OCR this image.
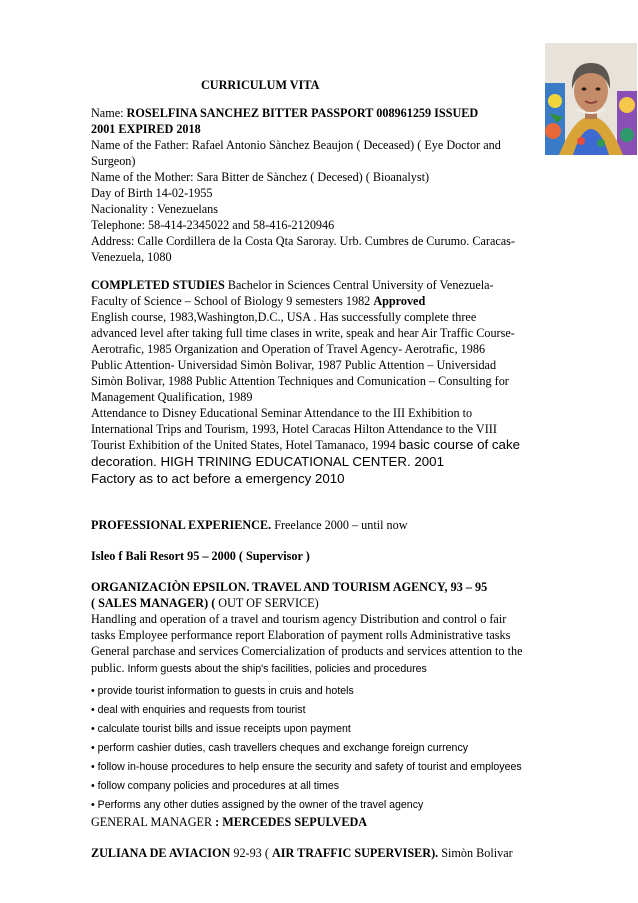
CURRICULUM VITA
Name: ROSELFINA SANCHEZ BITTER PASSPORT 008961259 ISSUED
2001 EXPIRED 2018
Name of the Father: Rafael Antonio Sànchez Beaujon ( Deceased) ( Eye Doctor and
Surgeon)
Name of the Mother: Sara Bitter de Sànchez ( Decesed) ( Bioanalyst)
Day of Birth 14-02-1955
Nacionality : Venezuelans
Telephone: 58-414-2345022 and 58-416-2120946
Address: Calle Cordillera de la Costa Qta Saroray. Urb. Cumbres de Curumo. Caracas-
Venezuela, 1080
COMPLETED STUDIES Bachelor in Sciences Central University of Venezuela-
Faculty of Science – School of Biology 9 semesters 1982 Approved
English course, 1983,Washington,D.C., USA . Has successfully complete three
advanced level after taking full time clases in write, speak and hear Air Traffic Course-
Aerotrafic, 1985 Organization and Operation of Travel Agency- Aerotrafic, 1986
Public Attention- Universidad Simòn Bolivar, 1987 Public Attention – Universidad
Simòn Bolivar, 1988 Public Attention Techniques and Comunication – Consulting for
Management Qualification, 1989
Attendance to Disney Educational Seminar Attendance to the III Exhibition to
International Trips and Tourism, 1993, Hotel Caracas Hilton Attendance to the VIII
Tourist Exhibition of the United States, Hotel Tamanaco, 1994 basic course of cake
decoration. HIGH TRINING EDUCATIONAL CENTER. 2001
Factory as to act before a emergency 2010
PROFESSIONAL EXPERIENCE. Freelance 2000 – until now
Isleo f Bali Resort 95 – 2000 ( Supervisor )
ORGANIZACIÒN EPSILON. TRAVEL AND TOURISM AGENCY, 93 – 95
( SALES MANAGER) ( OUT OF SERVICE)
Handling and operation of a travel and tourism agency Distribution and control o fair
tasks Employee performance report Elaboration of payment rolls Administrative tasks
General parchase and services Comercialization of products and services attention to the
public. Inform guests about the ship's facilities, policies and procedures
• provide tourist information to guests in cruis and hotels
• deal with enquiries and requests from tourist
• calculate tourist bills and issue receipts upon payment
• perform cashier duties, cash travellers cheques and exchange foreign currency
• follow in-house procedures to help ensure the security and safety of tourist and employees
• follow company policies and procedures at all times
• Performs any other duties assigned by the owner of the travel agency
GENERAL MANAGER : MERCEDES SEPULVEDA
ZULIANA DE AVIACION 92-93 ( AIR TRAFFIC SUPERVISER). Simòn Bolivar
